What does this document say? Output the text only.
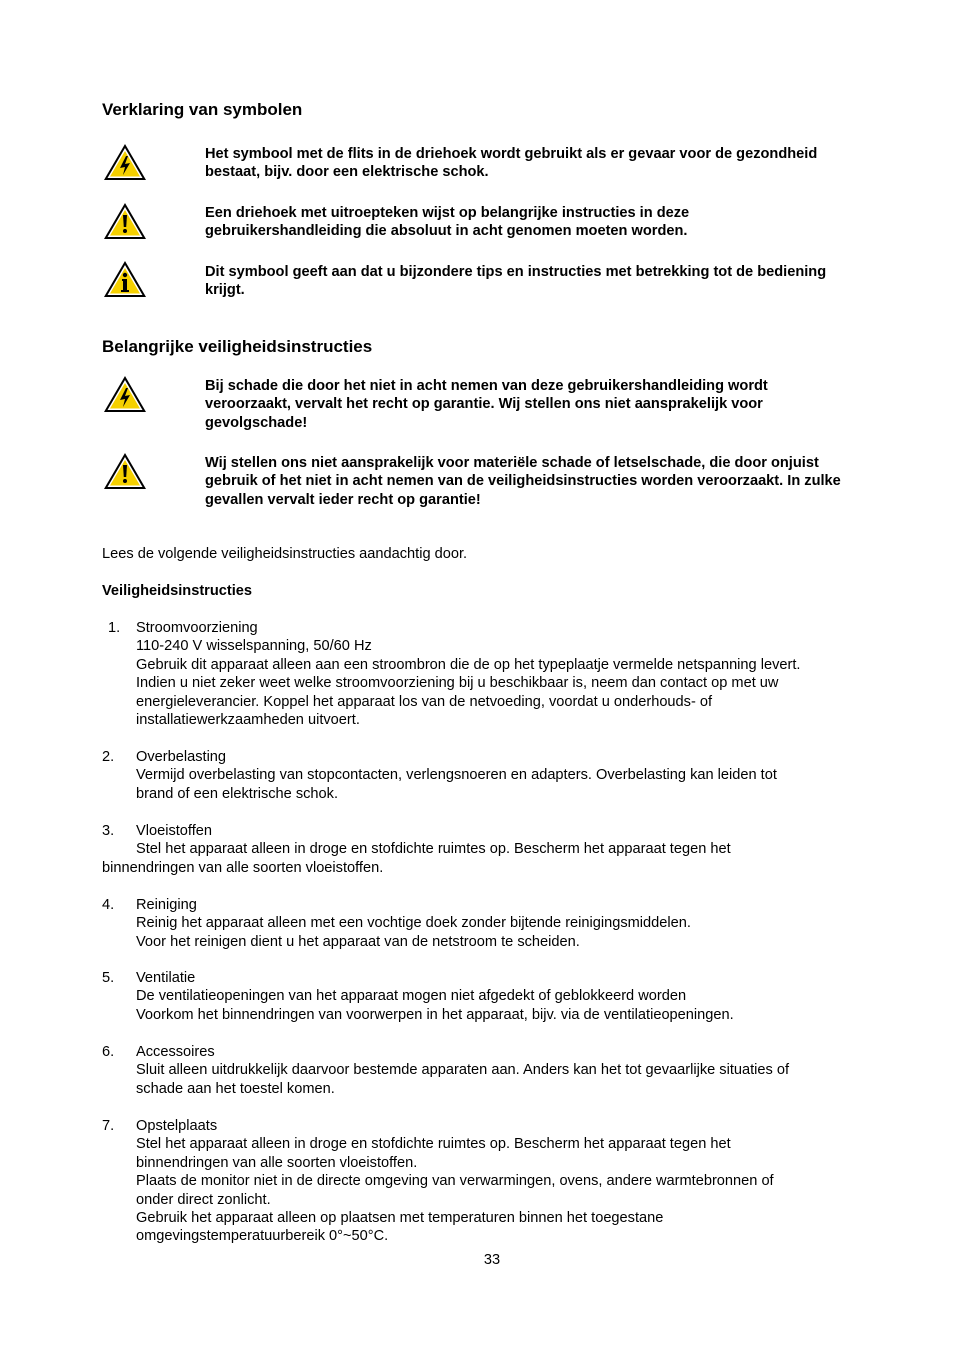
Verklaring van symbolen
Het symbool met de flits in de driehoek wordt gebruikt als er gevaar voor de gezondheid bestaat, bijv. door een elektrische schok.
Een driehoek met uitroepteken wijst op belangrijke instructies in deze gebruikershandleiding die absoluut in acht genomen moeten worden.
Dit symbool geeft aan dat u bijzondere tips en instructies met betrekking tot de bediening krijgt.
Belangrijke veiligheidsinstructies
Bij schade die door het niet in acht nemen van deze gebruikershandleiding wordt veroorzaakt, vervalt het recht op garantie. Wij stellen ons niet aansprakelijk voor gevolgschade!
Wij stellen ons niet aansprakelijk voor materiële schade of letselschade, die door onjuist gebruik of het niet in acht nemen van de veiligheidsinstructies worden veroorzaakt. In zulke gevallen vervalt ieder recht op garantie!
Lees de volgende veiligheidsinstructies aandachtig door.
Veiligheidsinstructies
1. Stroomvoorziening
110-240 V wisselspanning, 50/60 Hz
Gebruik dit apparaat alleen aan een stroombron die de op het typeplaatje vermelde netspanning levert.
Indien u niet zeker weet welke stroomvoorziening bij u beschikbaar is, neem dan contact op met uw
energieleverancier. Koppel het apparaat los van de netvoeding, voordat u onderhouds- of
installatiewerkzaamheden uitvoert.
2. Overbelasting
Vermijd overbelasting van stopcontacten, verlengsnoeren en adapters. Overbelasting kan leiden tot
brand of een elektrische schok.
3. Vloeistoffen
Stel het apparaat alleen in droge en stofdichte ruimtes op. Bescherm het apparaat tegen het
binnendringen van alle soorten vloeistoffen.
4. Reiniging
Reinig het apparaat alleen met een vochtige doek zonder bijtende reinigingsmiddelen.
Voor het reinigen dient u het apparaat van de netstroom te scheiden.
5. Ventilatie
De ventilatieopeningen van het apparaat mogen niet afgedekt of geblokkeerd worden
Voorkom het binnendringen van voorwerpen in het apparaat, bijv. via de ventilatieopeningen.
6. Accessoires
Sluit alleen uitdrukkelijk daarvoor bestemde apparaten aan. Anders kan het tot gevaarlijke situaties of
schade aan het toestel komen.
7. Opstelplaats
Stel het apparaat alleen in droge en stofdichte ruimtes op. Bescherm het apparaat tegen het
binnendringen van alle soorten vloeistoffen.
Plaats de monitor niet in de directe omgeving van verwarmingen, ovens, andere warmtebronnen of
onder direct zonlicht.
Gebruik het apparaat alleen op plaatsen met temperaturen binnen het toegestane
omgevingstemperatuurbereik 0°~50°C.
33
